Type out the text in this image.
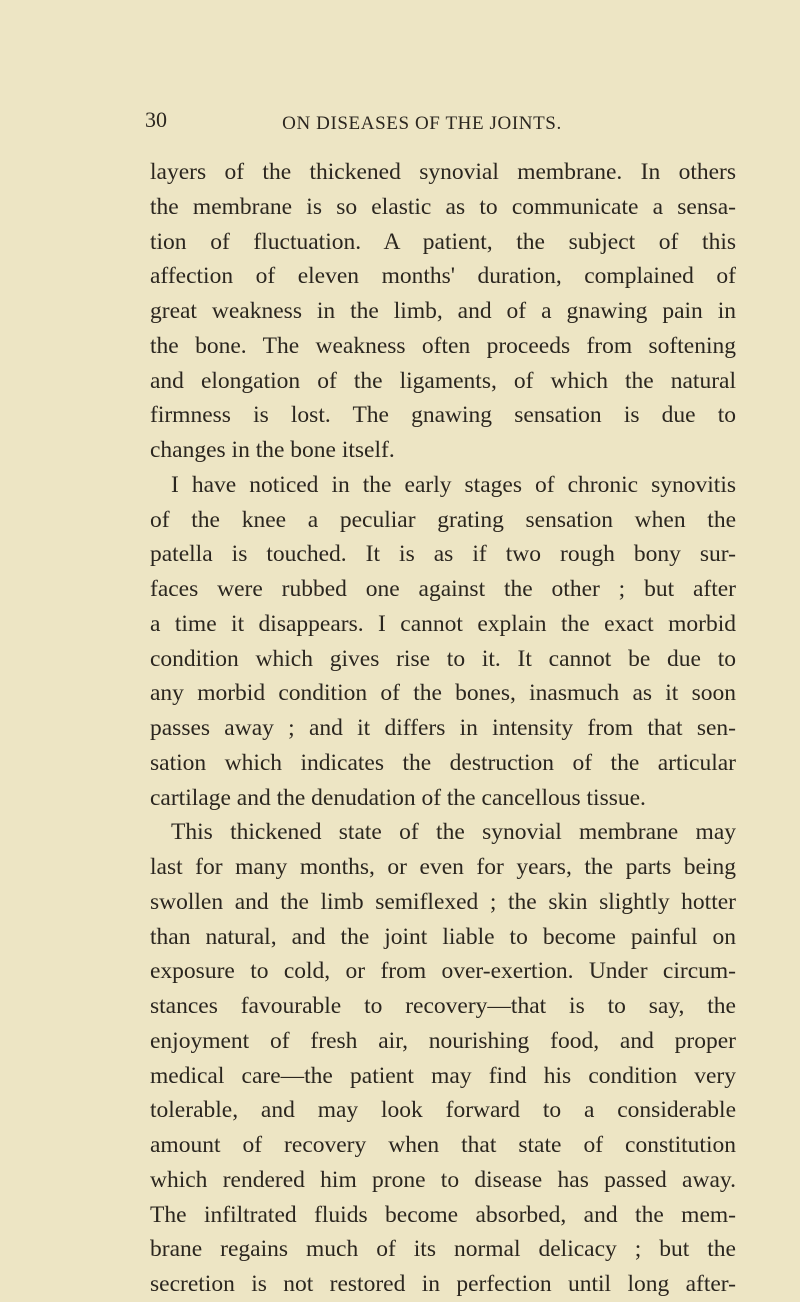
30	ON DISEASES OF THE JOINTS.
layers of the thickened synovial membrane. In others
the membrane is so elastic as to communicate a sensa-
tion of fluctuation. A patient, the subject of this
affection of eleven months' duration, complained of
great weakness in the limb, and of a gnawing pain in
the bone. The weakness often proceeds from softening
and elongation of the ligaments, of which the natural
firmness is lost. The gnawing sensation is due to
changes in the bone itself.
I have noticed in the early stages of chronic synovitis
of the knee a peculiar grating sensation when the
patella is touched. It is as if two rough bony sur-
faces were rubbed one against the other ; but after
a time it disappears. I cannot explain the exact morbid
condition which gives rise to it. It cannot be due to
any morbid condition of the bones, inasmuch as it soon
passes away ; and it differs in intensity from that sen-
sation which indicates the destruction of the articular
cartilage and the denudation of the cancellous tissue.
This thickened state of the synovial membrane may
last for many months, or even for years, the parts being
swollen and the limb semiflexed ; the skin slightly hotter
than natural, and the joint liable to become painful on
exposure to cold, or from over-exertion. Under circum-
stances favourable to recovery—that is to say, the
enjoyment of fresh air, nourishing food, and proper
medical care—the patient may find his condition very
tolerable, and may look forward to a considerable
amount of recovery when that state of constitution
which rendered him prone to disease has passed away.
The infiltrated fluids become absorbed, and the mem-
brane regains much of its normal delicacy ; but the
secretion is not restored in perfection until long after-
